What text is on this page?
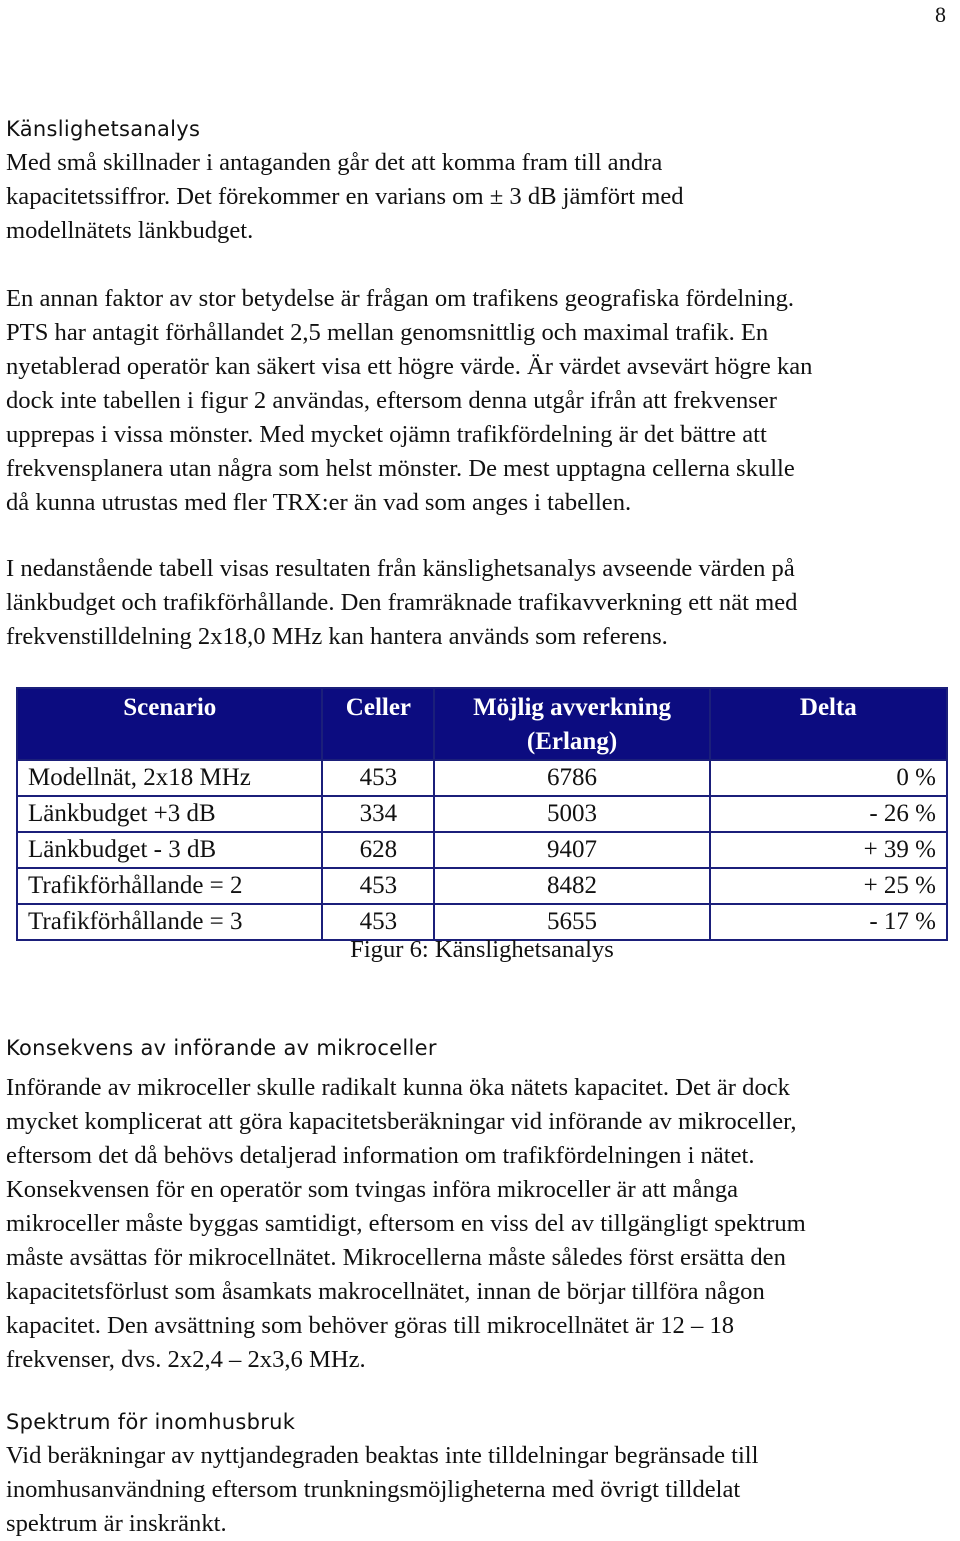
8
Känslighetsanalys

Med små skillnader i antaganden går det att komma fram till andra
kapacitetssiffror. Det förekommer en varians om ± 3 dB jämfört med
modellnätets länkbudget.

En annan faktor av stor betydelse är frågan om trafikens geografiska fördelning.
PTS har antagit förhållandet 2,5 mellan genomsnittlig och maximal trafik. En
nyetablerad operatör kan säkert visa ett högre värde. Är värdet avsevärt högre kan
dock inte tabellen i figur 2 användas, eftersom denna utgår ifrån att frekvenser
upprepas i vissa mönster. Med mycket ojämn trafikfördelning är det bättre att
frekvensplanera utan några som helst mönster. De mest upptagna cellerna skulle
då kunna utrustas med fler TRX:er än vad som anges i tabellen.

I nedanstående tabell visas resultaten från känslighetsanalys avseende värden på
länkbudget och trafikförhållande. Den framräknade trafikavverkning ett nät med
frekvenstilldelning 2x18,0 MHz kan hantera används som referens.

Scenario	Celler	Möjlig avverkning (Erlang)	Delta
Modellnät, 2x18 MHz	453	6786	0 %
Länkbudget +3 dB	334	5003	- 26 %
Länkbudget - 3 dB	628	9407	+ 39 %
Trafikförhållande = 2	453	8482	+ 25 %
Trafikförhållande = 3	453	5655	- 17 %
Figur 6: Känslighetsanalys
Konsekvens av införande av mikroceller

Införande av mikroceller skulle radikalt kunna öka nätets kapacitet. Det är dock
mycket komplicerat att göra kapacitetsberäkningar vid införande av mikroceller,
eftersom det då behövs detaljerad information om trafikfördelningen i nätet.
Konsekvensen för en operatör som tvingas införa mikroceller är att många
mikroceller måste byggas samtidigt, eftersom en viss del av tillgängligt spektrum
måste avsättas för mikrocellnätet. Mikrocellerna måste således först ersätta den
kapacitetsförlust som åsamkats makrocellnätet, innan de börjar tillföra någon
kapacitet. Den avsättning som behöver göras till mikrocellnätet är 12 – 18
frekvenser, dvs. 2x2,4 – 2x3,6 MHz.

Spektrum för inomhusbruk

Vid beräkningar av nyttjandegraden beaktas inte tilldelningar begränsade till
inomhusanvändning eftersom trunkningsmöjligheterna med övrigt tilldelat
spektrum är inskränkt.
